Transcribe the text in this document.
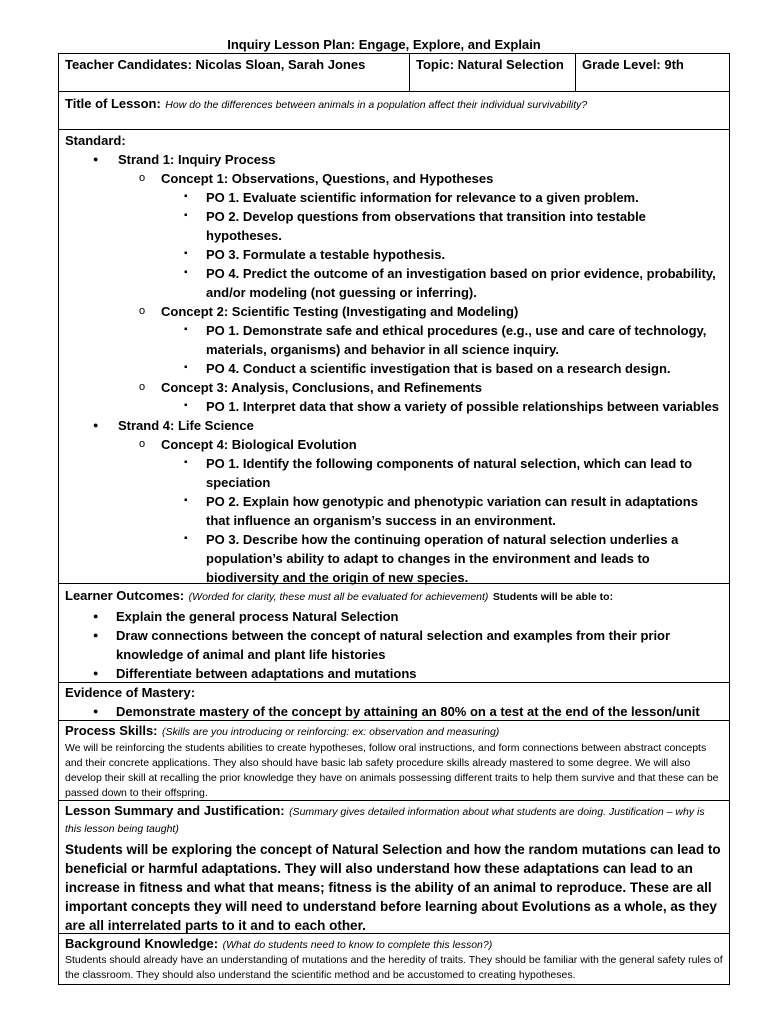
Inquiry Lesson Plan: Engage, Explore, and Explain
Teacher Candidates: Nicolas Sloan, Sarah Jones	Topic: Natural Selection	Grade Level: 9th
Title of Lesson: How do the differences between animals in a population affect their individual survivability?
Standard:
● Strand 1: Inquiry Process
o Concept 1: Observations, Questions, and Hypotheses
▪ PO 1. Evaluate scientific information for relevance to a given problem.
▪ PO 2. Develop questions from observations that transition into testable hypotheses.
▪ PO 3. Formulate a testable hypothesis.
▪ PO 4. Predict the outcome of an investigation based on prior evidence, probability, and/or modeling (not guessing or inferring).
o Concept 2: Scientific Testing (Investigating and Modeling)
▪ PO 1. Demonstrate safe and ethical procedures (e.g., use and care of technology, materials, organisms) and behavior in all science inquiry.
▪ PO 4. Conduct a scientific investigation that is based on a research design.
o Concept 3: Analysis, Conclusions, and Refinements
▪ PO 1. Interpret data that show a variety of possible relationships between variables
● Strand 4: Life Science
o Concept 4: Biological Evolution
▪ PO 1. Identify the following components of natural selection, which can lead to speciation
▪ PO 2. Explain how genotypic and phenotypic variation can result in adaptations that influence an organism’s success in an environment.
▪ PO 3. Describe how the continuing operation of natural selection underlies a population’s ability to adapt to changes in the environment and leads to biodiversity and the origin of new species.
Learner Outcomes: (Worded for clarity, these must all be evaluated for achievement) Students will be able to:
● Explain the general process Natural Selection
● Draw connections between the concept of natural selection and examples from their prior knowledge of animal and plant life histories
● Differentiate between adaptations and mutations
Evidence of Mastery:
● Demonstrate mastery of the concept by attaining an 80% on a test at the end of the lesson/unit
Process Skills: (Skills are you introducing or reinforcing: ex: observation and measuring)
We will be reinforcing the students abilities to create hypotheses, follow oral instructions, and form connections between abstract concepts and their concrete applications. They also should have basic lab safety procedure skills already mastered to some degree. We will also develop their skill at recalling the prior knowledge they have on animals possessing different traits to help them survive and that these can be passed down to their offspring.
Lesson Summary and Justification: (Summary gives detailed information about what students are doing. Justification – why is this lesson being taught)
Students will be exploring the concept of Natural Selection and how the random mutations can lead to beneficial or harmful adaptations. They will also understand how these adaptations can lead to an increase in fitness and what that means; fitness is the ability of an animal to reproduce. These are all important concepts they will need to understand before learning about Evolutions as a whole, as they are all interrelated parts to it and to each other.
Background Knowledge: (What do students need to know to complete this lesson?)
Students should already have an understanding of mutations and the heredity of traits. They should be familiar with the general safety rules of the classroom. They should also understand the scientific method and be accustomed to creating hypotheses.
